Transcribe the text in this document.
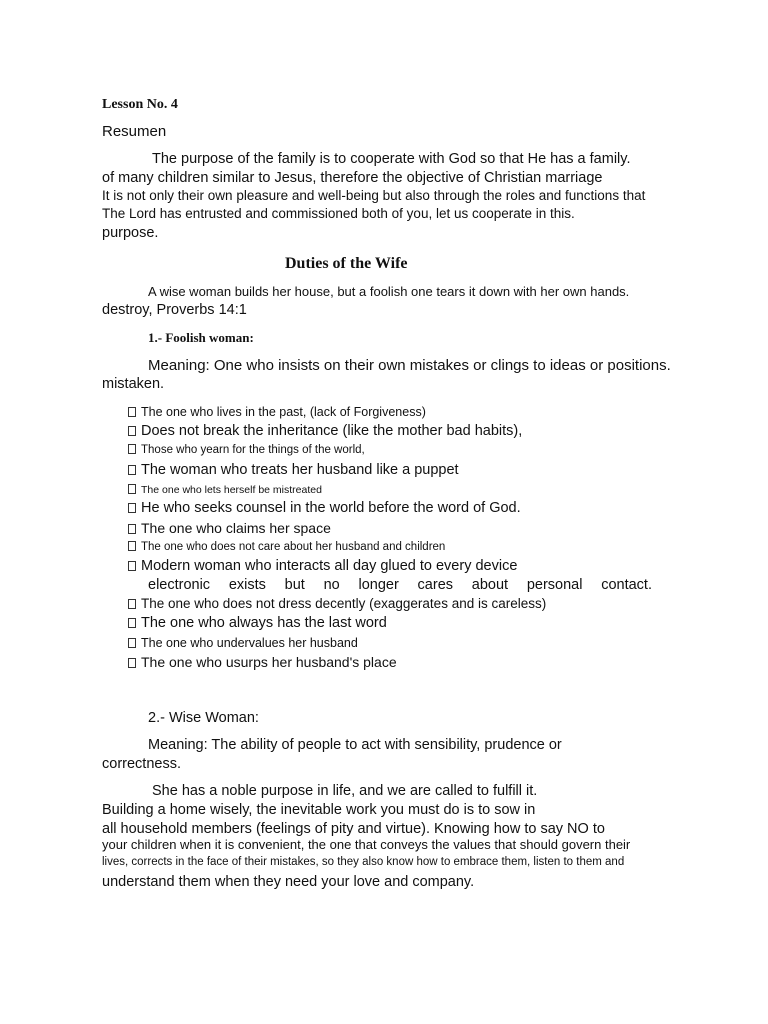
Lesson No. 4
Resumen
The purpose of the family is to cooperate with God so that He has a family.
of many children similar to Jesus, therefore the objective of Christian marriage
It is not only their own pleasure and well-being but also through the roles and functions that
The Lord has entrusted and commissioned both of you, let us cooperate in this.
purpose.
Duties of the Wife
A wise woman builds her house, but a foolish one tears it down with her own hands.
destroy, Proverbs 14:1
1.- Foolish woman:
Meaning: One who insists on their own mistakes or clings to ideas or positions.
mistaken.
The one who lives in the past, (lack of Forgiveness)
Does not break the inheritance (like the mother bad habits),
Those who yearn for the things of the world,
The woman who treats her husband like a puppet
The one who lets herself be mistreated
He who seeks counsel in the world before the word of God.
The one who claims her space
The one who does not care about her husband and children
Modern woman who interacts all day glued to every device
electronic exists but no longer cares about personal contact.
The one who does not dress decently (exaggerates and is careless)
The one who always has the last word
The one who undervalues her husband
The one who usurps her husband's place
2.- Wise Woman:
Meaning: The ability of people to act with sensibility, prudence or
correctness.
She has a noble purpose in life, and we are called to fulfill it.
Building a home wisely, the inevitable work you must do is to sow in
all household members (feelings of pity and virtue). Knowing how to say NO to
your children when it is convenient, the one that conveys the values that should govern their
lives, corrects in the face of their mistakes, so they also know how to embrace them, listen to them and
understand them when they need your love and company.
